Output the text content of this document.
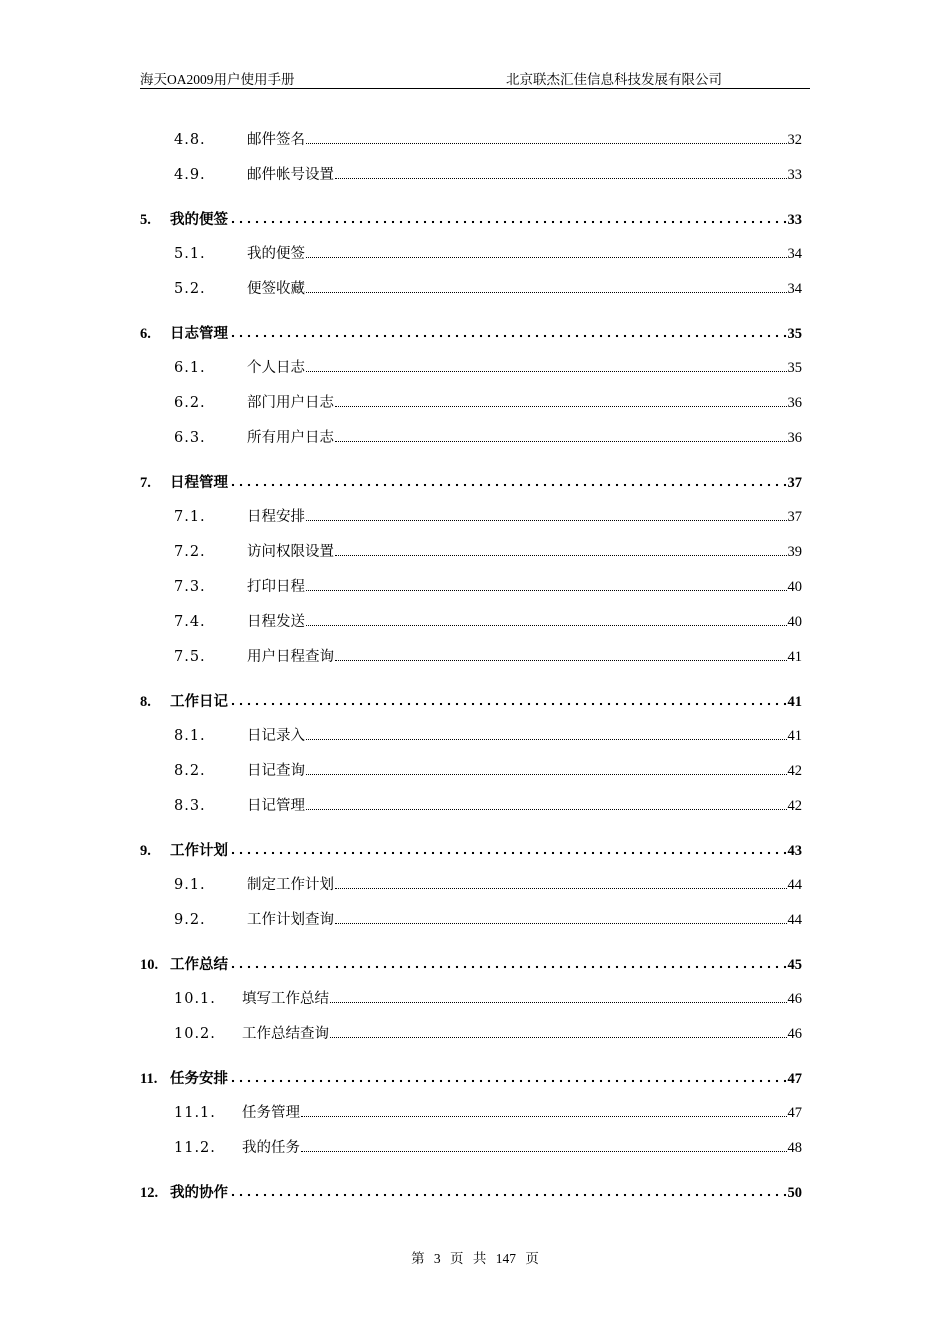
海天OA2009用户使用手册	北京联杰汇佳信息科技发展有限公司
4.8.	邮件签名	32
4.9.	邮件帐号设置	33
5.	我的便签	33
5.1.	我的便签	34
5.2.	便签收藏	34
6.	日志管理	35
6.1.	个人日志	35
6.2.	部门用户日志	36
6.3.	所有用户日志	36
7.	日程管理	37
7.1.	日程安排	37
7.2.	访问权限设置	39
7.3.	打印日程	40
7.4.	日程发送	40
7.5.	用户日程查询	41
8.	工作日记	41
8.1.	日记录入	41
8.2.	日记查询	42
8.3.	日记管理	42
9.	工作计划	43
9.1.	制定工作计划	44
9.2.	工作计划查询	44
10. 工作总结	45
10.1.	填写工作总结	46
10.2.	工作总结查询	46
11. 任务安排	47
11.1.	任务管理	47
11.2.	我的任务	48
12. 我的协作	50
第 3 页 共 147 页
